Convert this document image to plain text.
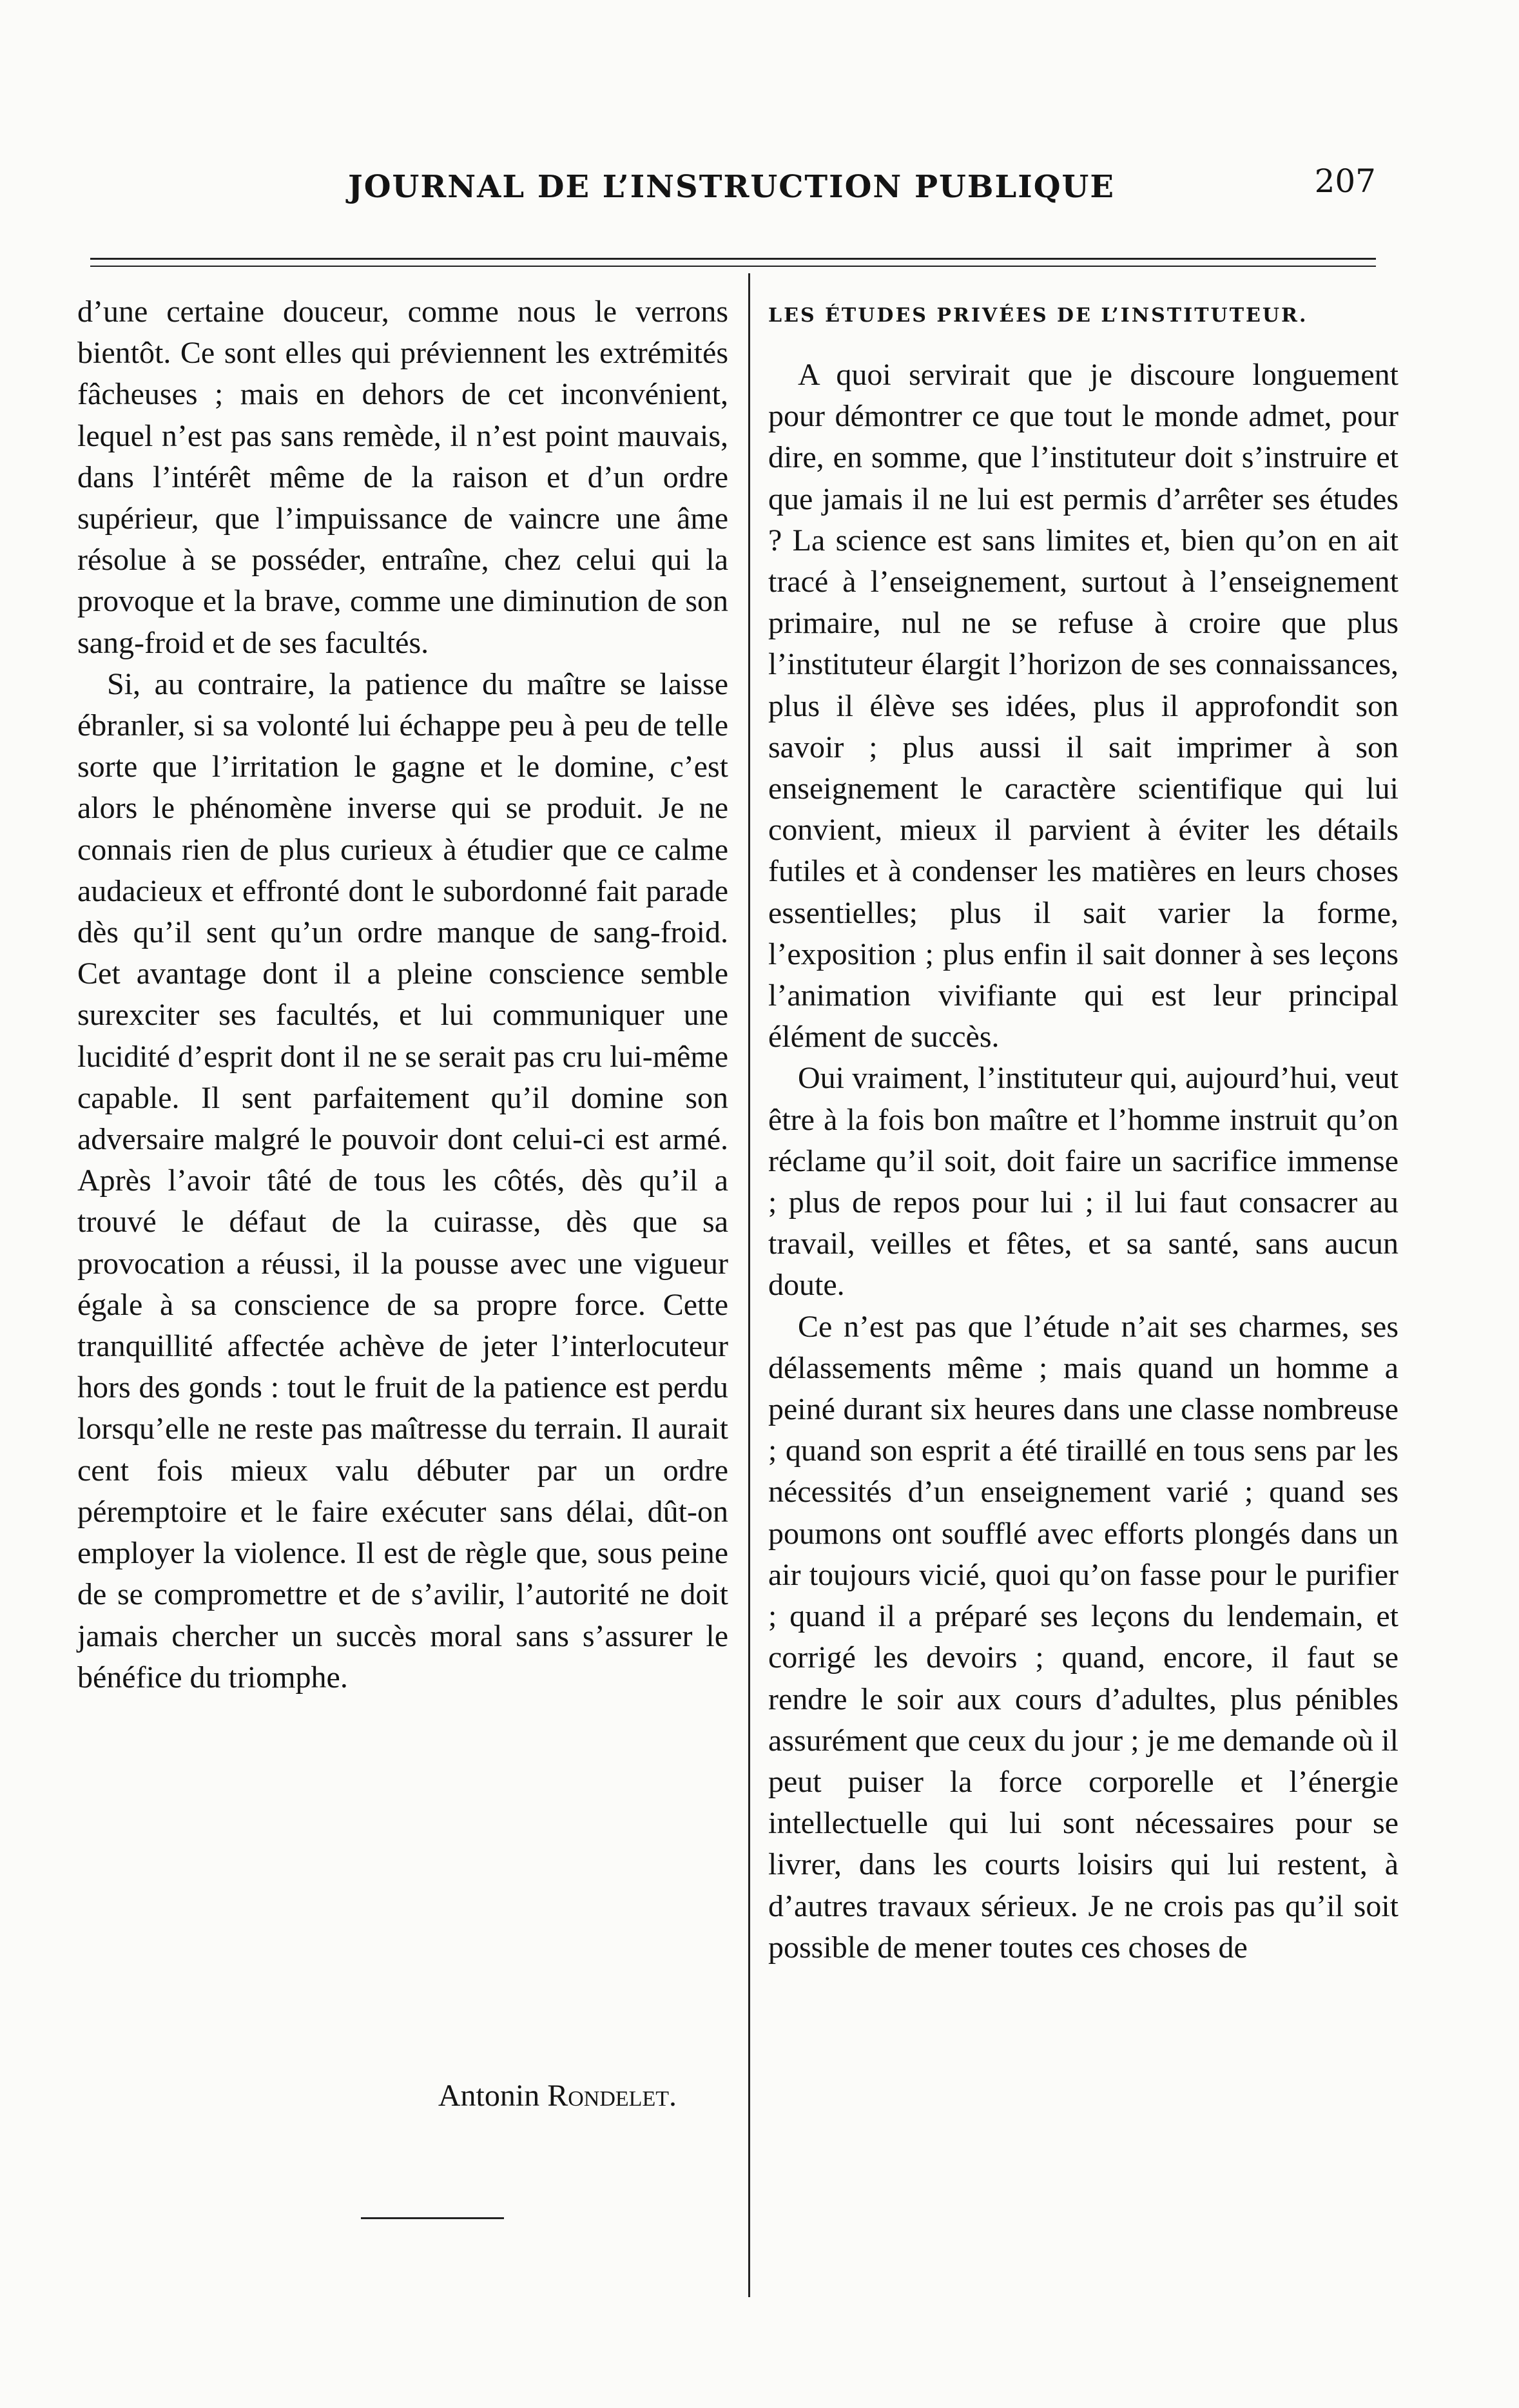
JOURNAL DE L’INSTRUCTION PUBLIQUE	207

d’une certaine douceur, comme nous le verrons bientôt. Ce sont elles qui préviennent les extrémités fâcheuses ; mais en dehors de cet inconvénient, lequel n’est pas sans remède, il n’est point mauvais, dans l’intérêt même de la raison et d’un ordre supérieur, que l’impuissance de vaincre une âme résolue à se posséder, entraîne, chez celui qui la provoque et la brave, comme une diminution de son sang-froid et de ses facultés.

Si, au contraire, la patience du maître se laisse ébranler, si sa volonté lui échappe peu à peu de telle sorte que l’irritation le gagne et le domine, c’est alors le phénomène inverse qui se produit. Je ne connais rien de plus curieux à étudier que ce calme audacieux et effronté dont le subordonné fait parade dès qu’il sent qu’un ordre manque de sang-froid. Cet avantage dont il a pleine conscience semble surexciter ses facultés, et lui communiquer une lucidité d’esprit dont il ne se serait pas cru lui-même capable. Il sent parfaitement qu’il domine son adversaire malgré le pouvoir dont celui-ci est armé. Après l’avoir tâté de tous les côtés, dès qu’il a trouvé le défaut de la cuirasse, dès que sa provocation a réussi, il la pousse avec une vigueur égale à sa conscience de sa propre force. Cette tranquillité affectée achève de jeter l’interlocuteur hors des gonds : tout le fruit de la patience est perdu lorsqu’elle ne reste pas maîtresse du terrain. Il aurait cent fois mieux valu débuter par un ordre péremptoire et le faire exécuter sans délai, dût-on employer la violence. Il est de règle que, sous peine de se compromettre et de s’avilir, l’autorité ne doit jamais chercher un succès moral sans s’assurer le bénéfice du triomphe.

Antonin Rondelet.
LES ÉTUDES PRIVÉES DE L’INSTITUTEUR.

A quoi servirait que je discoure longuement pour démontrer ce que tout le monde admet, pour dire, en somme, que l’instituteur doit s’instruire et que jamais il ne lui est permis d’arrêter ses études ? La science est sans limites et, bien qu’on en ait tracé à l’enseignement, surtout à l’enseignement primaire, nul ne se refuse à croire que plus l’instituteur élargit l’horizon de ses connaissances, plus il élève ses idées, plus il approfondit son savoir ; plus aussi il sait imprimer à son enseignement le caractère scientifique qui lui convient, mieux il parvient à éviter les détails futiles et à condenser les matières en leurs choses essentielles; plus il sait varier la forme, l’exposition ; plus enfin il sait donner à ses leçons l’animation vivifiante qui est leur principal élément de succès.

Oui vraiment, l’instituteur qui, aujourd’hui, veut être à la fois bon maître et l’homme instruit qu’on réclame qu’il soit, doit faire un sacrifice immense ; plus de repos pour lui ; il lui faut consacrer au travail, veilles et fêtes, et sa santé, sans aucun doute.

Ce n’est pas que l’étude n’ait ses charmes, ses délassements même ; mais quand un homme a peiné durant six heures dans une classe nombreuse ; quand son esprit a été tiraillé en tous sens par les nécessités d’un enseignement varié ; quand ses poumons ont soufflé avec efforts plongés dans un air toujours vicié, quoi qu’on fasse pour le purifier ; quand il a préparé ses leçons du lendemain, et corrigé les devoirs ; quand, encore, il faut se rendre le soir aux cours d’adultes, plus pénibles assurément que ceux du jour ; je me demande où il peut puiser la force corporelle et l’énergie intellectuelle qui lui sont nécessaires pour se livrer, dans les courts loisirs qui lui restent, à d’autres travaux sérieux. Je ne crois pas qu’il soit possible de mener toutes ces choses de
